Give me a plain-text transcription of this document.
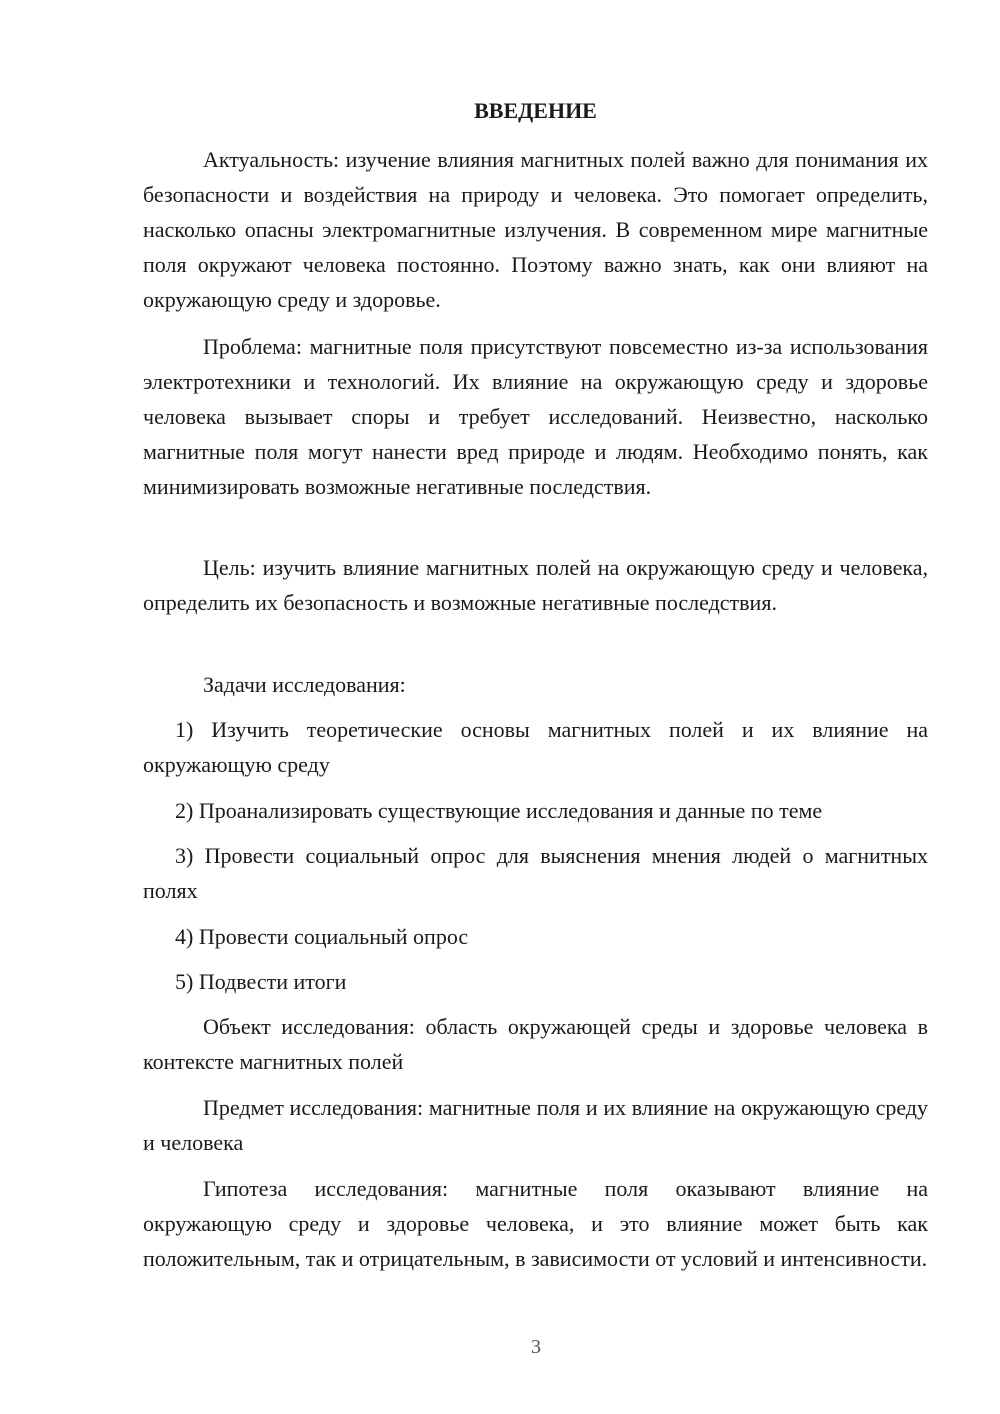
ВВЕДЕНИЕ

Актуальность: изучение влияния магнитных полей важно для понимания их безопасности и воздействия на природу и человека. Это помогает определить, насколько опасны электромагнитные излучения. В современном мире магнитные поля окружают человека постоянно. Поэтому важно знать, как они влияют на окружающую среду и здоровье.

Проблема: магнитные поля присутствуют повсеместно из-за использования электротехники и технологий. Их влияние на окружающую среду и здоровье человека вызывает споры и требует исследований. Неизвестно, насколько магнитные поля могут нанести вред природе и людям. Необходимо понять, как минимизировать возможные негативные последствия.

Цель: изучить влияние магнитных полей на окружающую среду и человека, определить их безопасность и возможные негативные последствия.

Задачи исследования:

1) Изучить теоретические основы магнитных полей и их влияние на окружающую среду

2) Проанализировать существующие исследования и данные по теме

3) Провести социальный опрос для выяснения мнения людей о магнитных полях

4) Провести социальный опрос

5) Подвести итоги

Объект исследования: область окружающей среды и здоровье человека в контексте магнитных полей

Предмет исследования: магнитные поля и их влияние на окружающую среду и человека

Гипотеза исследования: магнитные поля оказывают влияние на окружающую среду и здоровье человека, и это влияние может быть как положительным, так и отрицательным, в зависимости от условий и интенсивности.

3
